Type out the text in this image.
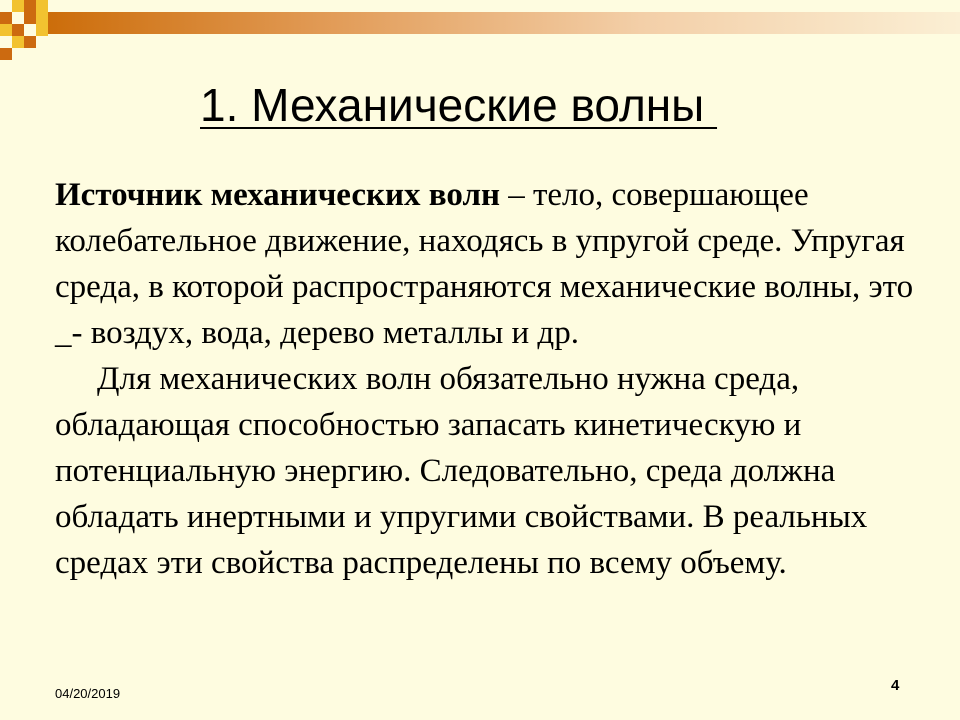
1. Механические волны

Источник механических волн – тело, совершающее колебательное движение, находясь в упругой среде. Упругая среда, в которой распространяются механические волны, это _- воздух, вода, дерево металлы и др.

Для механических волн обязательно нужна среда, обладающая способностью запасать кинетическую и потенциальную энергию. Следовательно, среда должна обладать инертными и упругими свойствами. В реальных средах эти свойства распределены по всему объему.

04/20/2019	4
